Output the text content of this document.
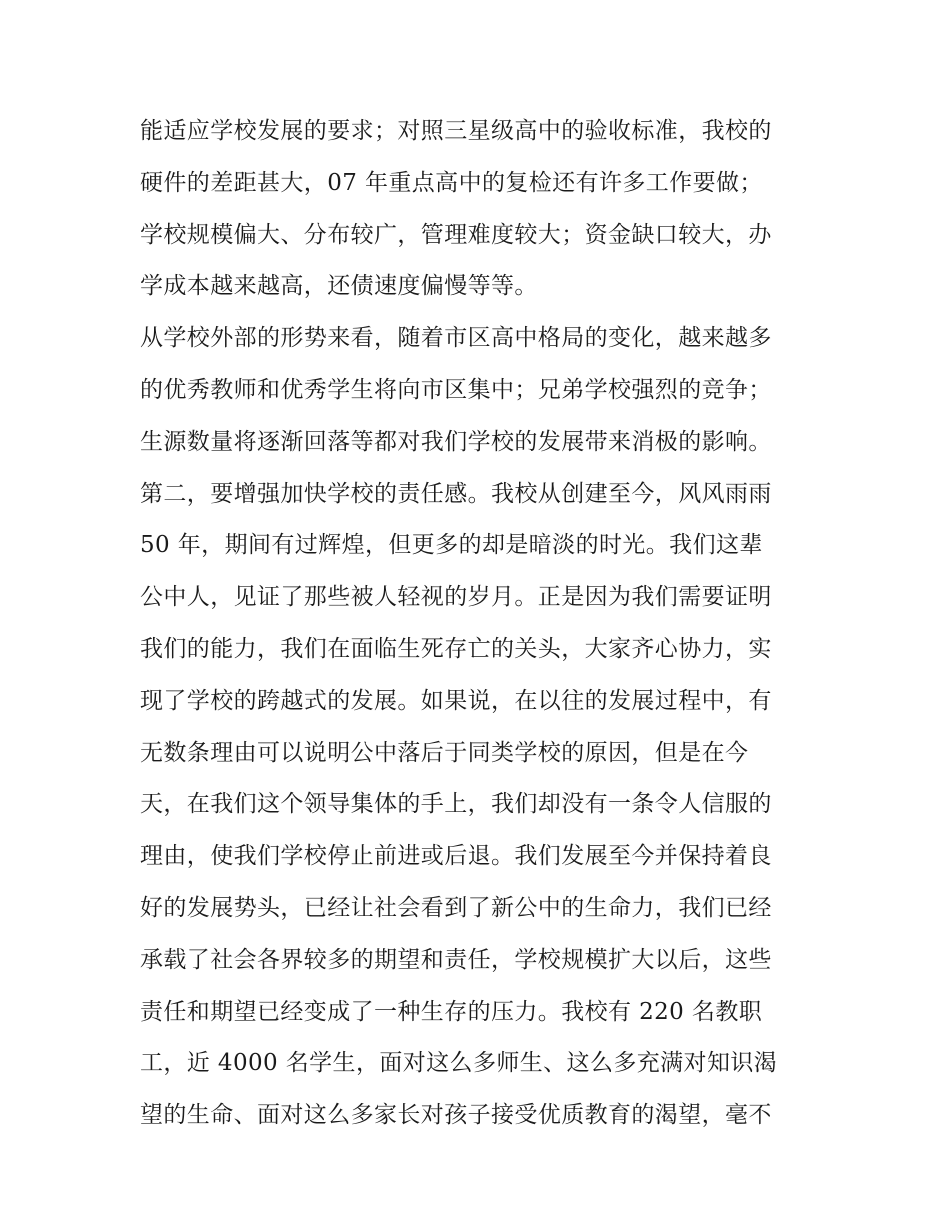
能适应学校发展的要求；对照三星级高中的验收标准，我校的
硬件的差距甚大，07 年重点高中的复检还有许多工作要做；
学校规模偏大、分布较广，管理难度较大；资金缺口较大，办
学成本越来越高，还债速度偏慢等等。
从学校外部的形势来看，随着市区高中格局的变化，越来越多
的优秀教师和优秀学生将向市区集中；兄弟学校强烈的竞争；
生源数量将逐渐回落等都对我们学校的发展带来消极的影响。
第二，要增强加快学校的责任感。我校从创建至今，风风雨雨
50 年，期间有过辉煌，但更多的却是暗淡的时光。我们这辈
公中人，见证了那些被人轻视的岁月。正是因为我们需要证明
我们的能力，我们在面临生死存亡的关头，大家齐心协力，实
现了学校的跨越式的发展。如果说，在以往的发展过程中，有
无数条理由可以说明公中落后于同类学校的原因，但是在今
天，在我们这个领导集体的手上，我们却没有一条令人信服的
理由，使我们学校停止前进或后退。我们发展至今并保持着良
好的发展势头，已经让社会看到了新公中的生命力，我们已经
承载了社会各界较多的期望和责任，学校规模扩大以后，这些
责任和期望已经变成了一种生存的压力。我校有 220 名教职
工，近 4000 名学生，面对这么多师生、这么多充满对知识渴
望的生命、面对这么多家长对孩子接受优质教育的渴望，毫不
